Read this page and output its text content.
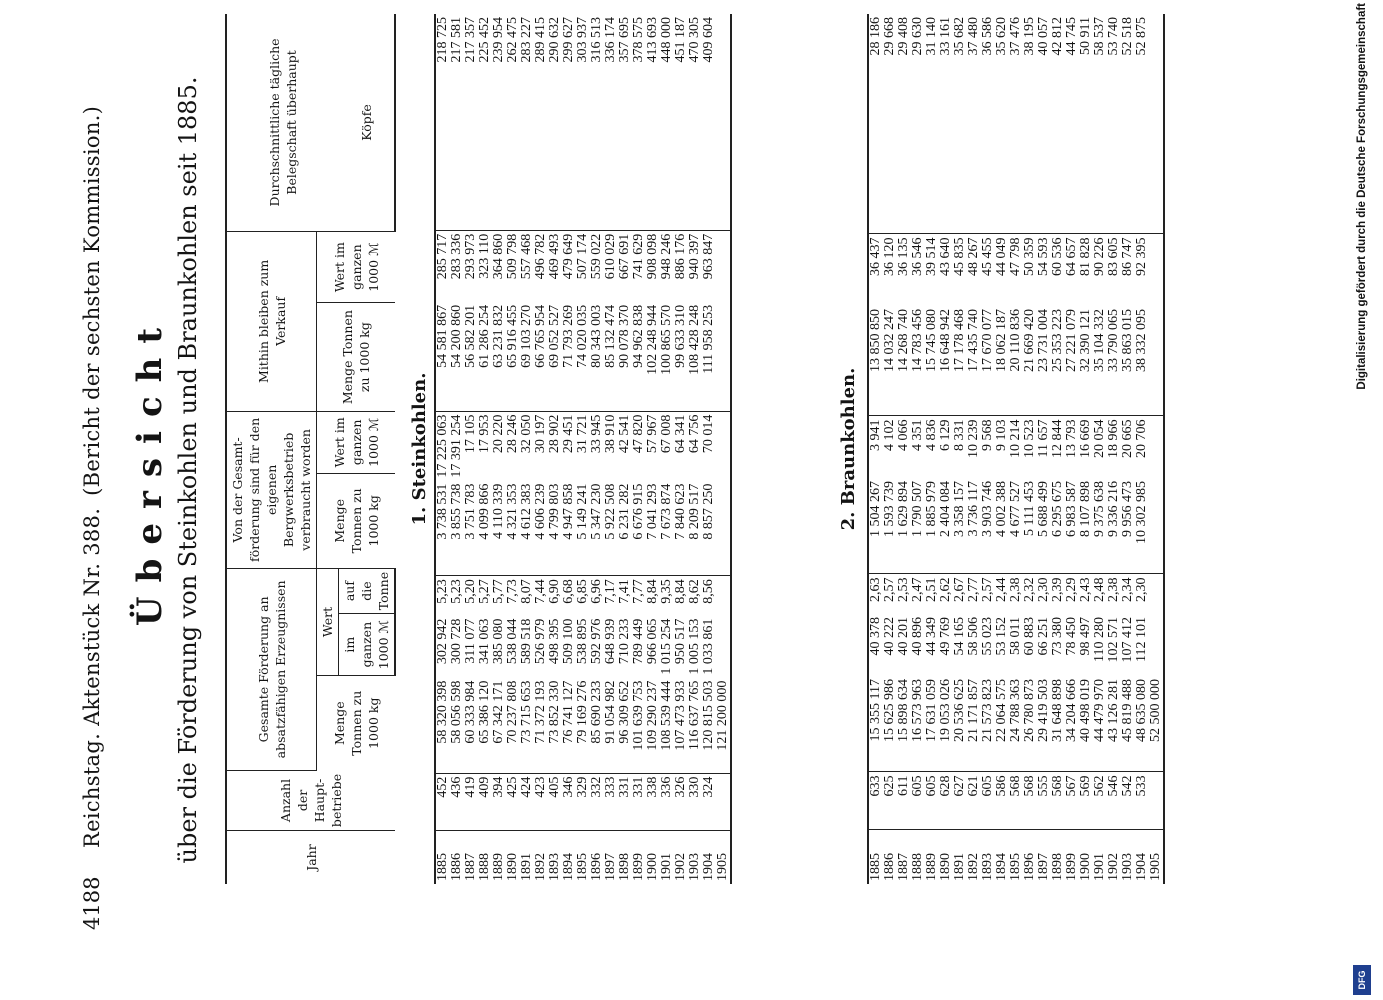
4188
Reichstag. Aktenstück Nr. 388.(Bericht der sechsten Kommission.) Übersicht über die Förderung von Steinkohlen und Braunkohlen seit 1885.	Jahr	Anzahl der Haupt- betriebe	Gesamte Förderung an absatzfähigen Erzeugnissen			Von der Gesamt- förderung sind für den eigenen Bergwerksbetrieb verbraucht worden		Mithin bleiben zum Verkauf		Durchschnittliche tägliche Belegschaft überhaupt
		Menge Tonnen zu 1000 kg	Wert		Menge Tonnen zu 1000 kg	Wert im ganzen 1000 ℳ	Menge Tonnen zu 1000 kg	Wert im ganzen 1000 ℳ	
			im ganzen 1000 ℳ	auf die Tonne					Köpfe
1. Steinkohlen.
1885	452	58 320 398	302 942	5,23	3 738 531	17 225 063	54 581 867	285 717	218 725
1886	436	58 056 598	300 728	5,23	3 855 738	17 391 254	54 200 860	283 336	217 581
1887	419	60 333 984	311 077	5,20	3 751 783	17 105	56 582 201	293 973	217 357
1888	409	65 386 120	341 063	5,27	4 099 866	17 953	61 286 254	323 110	225 452
1889	394	67 342 171	385 080	5,77	4 110 339	20 220	63 231 832	364 860	239 954
1890	425	70 237 808	538 044	7,73	4 321 353	28 246	65 916 455	509 798	262 475
1891	424	73 715 653	589 518	8,07	4 612 383	32 050	69 103 270	557 468	283 227
1892	423	71 372 193	526 979	7,44	4 606 239	30 197	66 765 954	496 782	289 415
1893	405	73 852 330	498 395	6,90	4 799 803	28 902	69 052 527	469 493	290 632
1894	346	76 741 127	509 100	6,68	4 947 858	29 451	71 793 269	479 649	299 627
1895	329	79 169 276	538 895	6,85	5 149 241	31 721	74 020 035	507 174	303 937
1896	332	85 690 233	592 976	6,96	5 347 230	33 945	80 343 003	559 022	316 513
1897	333	91 054 982	648 939	7,17	5 922 508	38 910	85 132 474	610 029	336 174
1898	331	96 309 652	710 233	7,41	6 231 282	42 541	90 078 370	667 691	357 695
1899	331	101 639 753	789 449	7,77	6 676 915	47 820	94 962 838	741 629	378 575
1900	338	109 290 237	966 065	8,84	7 041 293	57 967	102 248 944	908 098	413 693
1901	336	108 539 444	1 015 254	9,35	7 673 874	67 008	100 865 570	948 246	448 000
1902	326	107 473 933	950 517	8,84	7 840 623	64 341	99 633 310	886 176	451 187
1903	330	116 637 765	1 005 153	8,62	8 209 517	64 756	108 428 248	940 397	470 305
1904	324	120 815 503	1 033 861	8,56	8 857 250	70 014	111 958 253	963 847	409 604
1905		121 200 000							
2. Braunkohlen.
1885	633	15 355 117	40 378	2,63	1 504 267	3 941	13 850 850	36 437	28 186
1886	625	15 625 986	40 222	2,57	1 593 739	4 102	14 032 247	36 120	29 668
1887	611	15 898 634	40 201	2,53	1 629 894	4 066	14 268 740	36 135	29 408
1888	605	16 573 963	40 896	2,47	1 790 507	4 351	14 783 456	36 546	29 630
1889	605	17 631 059	44 349	2,51	1 885 979	4 836	15 745 080	39 514	31 140
1890	628	19 053 026	49 769	2,62	2 404 084	6 129	16 648 942	43 640	33 161
1891	627	20 536 625	54 165	2,67	3 358 157	8 331	17 178 468	45 835	35 682
1892	621	21 171 857	58 506	2,77	3 736 117	10 239	17 435 740	48 267	37 480
1893	605	21 573 823	55 023	2,57	3 903 746	9 568	17 670 077	45 455	36 586
1894	586	22 064 575	53 152	2,44	4 002 388	9 103	18 062 187	44 049	35 620
1895	568	24 788 363	58 011	2,38	4 677 527	10 214	20 110 836	47 798	37 476
1896	568	26 780 873	60 883	2,32	5 111 453	10 523	21 669 420	50 359	38 195
1897	555	29 419 503	66 251	2,30	5 688 499	11 657	23 731 004	54 593	40 057
1898	568	31 648 898	73 380	2,39	6 295 675	12 844	25 353 223	60 536	42 812
1899	567	34 204 666	78 450	2,29	6 983 587	13 793	27 221 079	64 657	44 745
1900	569	40 498 019	98 497	2,43	8 107 898	16 669	32 390 121	81 828	50 911
1901	562	44 479 970	110 280	2,48	9 375 638	20 054	35 104 332	90 226	58 537
1902	546	43 126 281	102 571	2,38	9 336 216	18 966	33 790 065	83 605	53 740
1903	542	45 819 488	107 412	2,34	9 956 473	20 665	35 863 015	86 747	52 518
1904	533	48 635 080	112 101	2,30	10 302 985	20 706	38 332 095	92 395	52 875
1905		52 500 000							
Digitalisierung gefördert durch die Deutsche Forschungsgemeinschaft
DFG
